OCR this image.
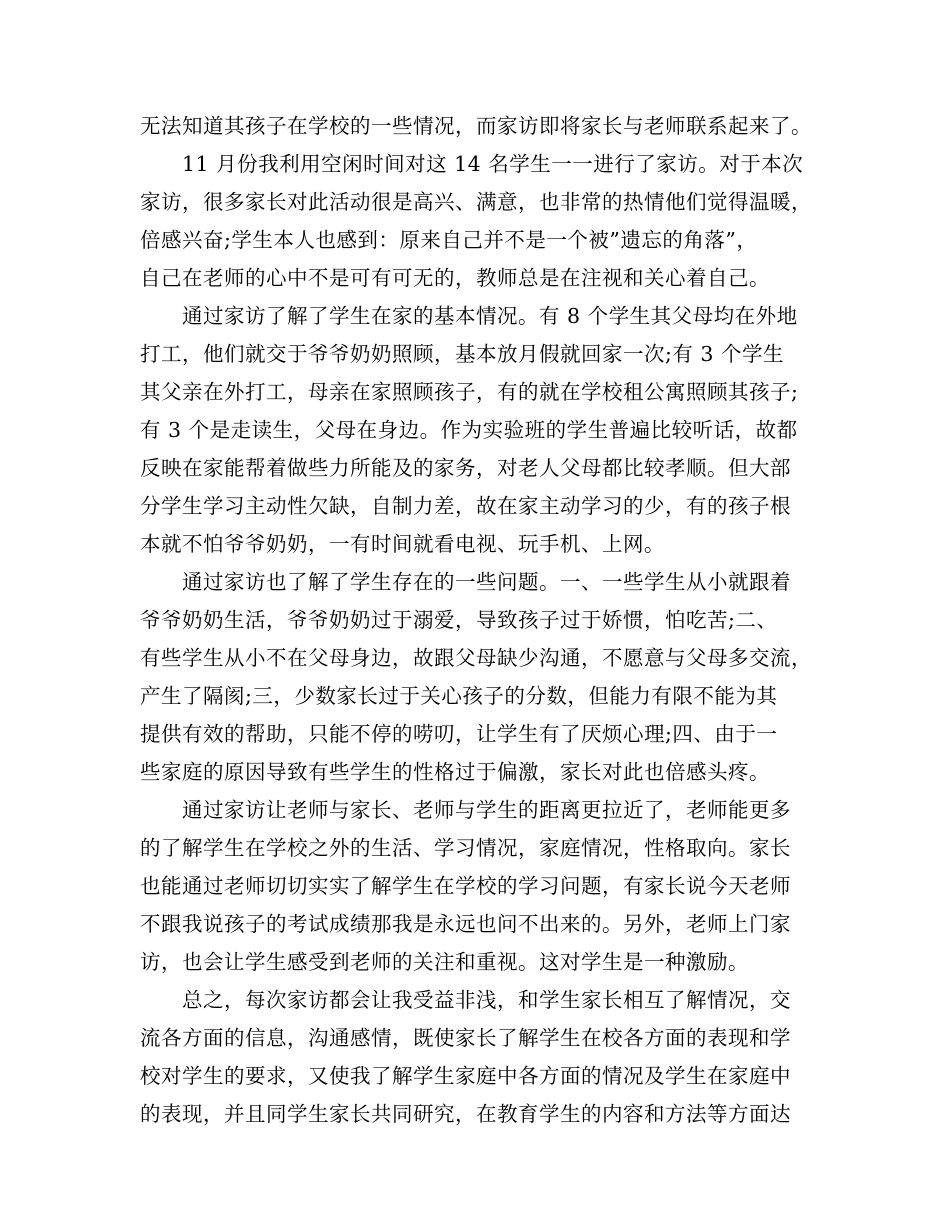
无法知道其孩子在学校的一些情况，而家访即将家长与老师联系起来了。
11 月份我利用空闲时间对这 14 名学生一一进行了家访。对于本次
家访，很多家长对此活动很是高兴、满意，也非常的热情他们觉得温暖，
倍感兴奋;学生本人也感到：原来自己并不是一个被”遗忘的角落”，
自己在老师的心中不是可有可无的，教师总是在注视和关心着自己。
通过家访了解了学生在家的基本情况。有 8 个学生其父母均在外地
打工，他们就交于爷爷奶奶照顾，基本放月假就回家一次;有 3 个学生
其父亲在外打工，母亲在家照顾孩子，有的就在学校租公寓照顾其孩子;
有 3 个是走读生，父母在身边。作为实验班的学生普遍比较听话，故都
反映在家能帮着做些力所能及的家务，对老人父母都比较孝顺。但大部
分学生学习主动性欠缺，自制力差，故在家主动学习的少，有的孩子根
本就不怕爷爷奶奶，一有时间就看电视、玩手机、上网。
通过家访也了解了学生存在的一些问题。一、一些学生从小就跟着
爷爷奶奶生活，爷爷奶奶过于溺爱，导致孩子过于娇惯，怕吃苦;二、
有些学生从小不在父母身边，故跟父母缺少沟通，不愿意与父母多交流，
产生了隔阂;三，少数家长过于关心孩子的分数，但能力有限不能为其
提供有效的帮助，只能不停的唠叨，让学生有了厌烦心理;四、由于一
些家庭的原因导致有些学生的性格过于偏激，家长对此也倍感头疼。
通过家访让老师与家长、老师与学生的距离更拉近了，老师能更多
的了解学生在学校之外的生活、学习情况，家庭情况，性格取向。家长
也能通过老师切切实实了解学生在学校的学习问题，有家长说今天老师
不跟我说孩子的考试成绩那我是永远也问不出来的。另外，老师上门家
访，也会让学生感受到老师的关注和重视。这对学生是一种激励。
总之，每次家访都会让我受益非浅，和学生家长相互了解情况，交
流各方面的信息，沟通感情，既使家长了解学生在校各方面的表现和学
校对学生的要求，又使我了解学生家庭中各方面的情况及学生在家庭中
的表现，并且同学生家长共同研究，在教育学生的内容和方法等方面达
